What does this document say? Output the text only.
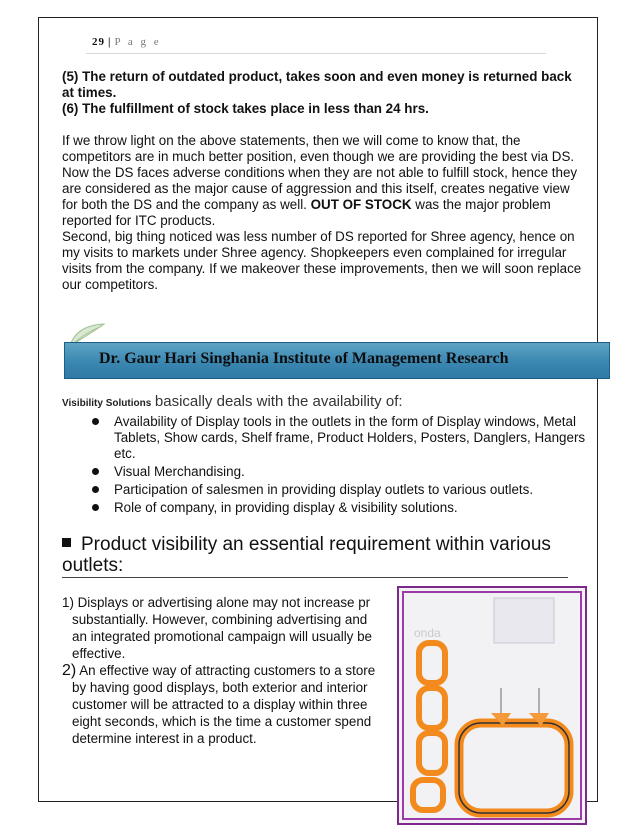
29 | P a g e
(5) The return of outdated product, takes soon and even money is returned back at times.
(6) The fulfillment of stock takes place in less than 24 hrs.
If we throw light on the above statements, then we will come to know that, the competitors are in much better position, even though we are providing the best via DS.
Now the DS faces adverse conditions when they are not able to fulfill stock, hence they are considered as the major cause of aggression and this itself, creates negative view for both the DS and the company as well. OUT OF STOCK was the major problem reported for ITC products.
Second, big thing noticed was less number of DS reported for Shree agency, hence on my visits to markets under Shree agency. Shopkeepers even complained for irregular visits from the company. If we makeover these improvements, then we will soon replace our competitors.
Dr. Gaur Hari Singhania Institute of Management Research
Visibility Solutions basically deals with the availability of:
Availability of Display tools in the outlets in the form of Display windows, Metal Tablets, Show cards, Shelf frame, Product Holders, Posters, Danglers, Hangers etc.
Visual Merchandising.
Participation of salesmen in providing display outlets to various outlets.
Role of company, in providing display & visibility solutions.
Product visibility an essential requirement within various outlets:
1) Displays or advertising alone may not increase pr
substantially. However, combining advertising and
an integrated promotional campaign will usually be
effective.
2) An effective way of attracting customers to a store
by having good displays, both exterior and interior
customer will be attracted to a display within three
eight seconds, which is the time a customer spend
determine interest in a product.
onda
